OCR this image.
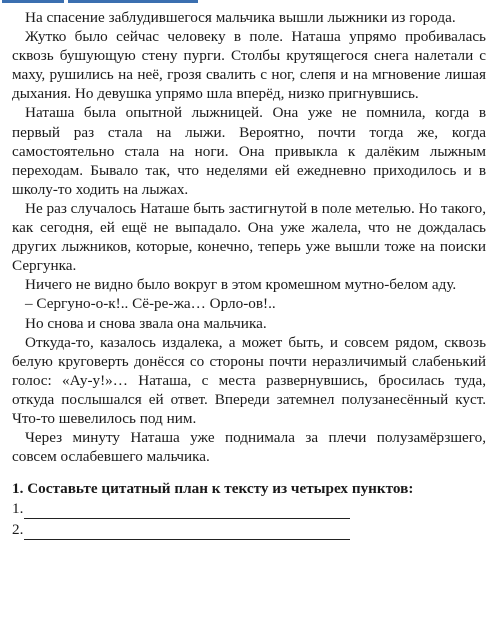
На спасение заблудившегося мальчика вышли лыжники из города.

Жутко было сейчас человеку в поле. Наташа упрямо пробивалась сквозь бушующую стену пурги. Столбы крутящегося снега налетали с маху, рушились на неё, грозя свалить с ног, слепя и на мгновение лишая дыхания. Но девушка упрямо шла вперёд, низко пригнувшись.

Наташа была опытной лыжницей. Она уже не помнила, когда в первый раз стала на лыжи. Вероятно, почти тогда же, когда самостоятельно стала на ноги. Она привыкла к далёким лыжным переходам. Бывало так, что неделями ей ежедневно приходилось и в школу-то ходить на лыжах.

Не раз случалось Наташе быть застигнутой в поле метелью. Но такого, как сегодня, ей ещё не выпадало. Она уже жалела, что не дождалась других лыжников, которые, конечно, теперь уже вышли тоже на поиски Сергунка.

Ничего не видно было вокруг в этом кромешном мутно-белом аду.

– Сергуно-о-к!.. Сё-ре-жа… Орло-ов!..

Но снова и снова звала она мальчика.

Откуда-то, казалось издалека, а может быть, и совсем рядом, сквозь белую круговерть донёсся со стороны почти неразличимый слабенький голос: «Ау-у!»… Наташа, с места развернувшись, бросилась туда, откуда послышался ей ответ. Впереди затемнел полузанесённый куст. Что-то шевелилось под ним.

Через минуту Наташа уже поднимала за плечи полузамёрзшего, совсем ослабевшего мальчика.

1. Составьте цитатный план к тексту из четырех пунктов:
1.
2.
